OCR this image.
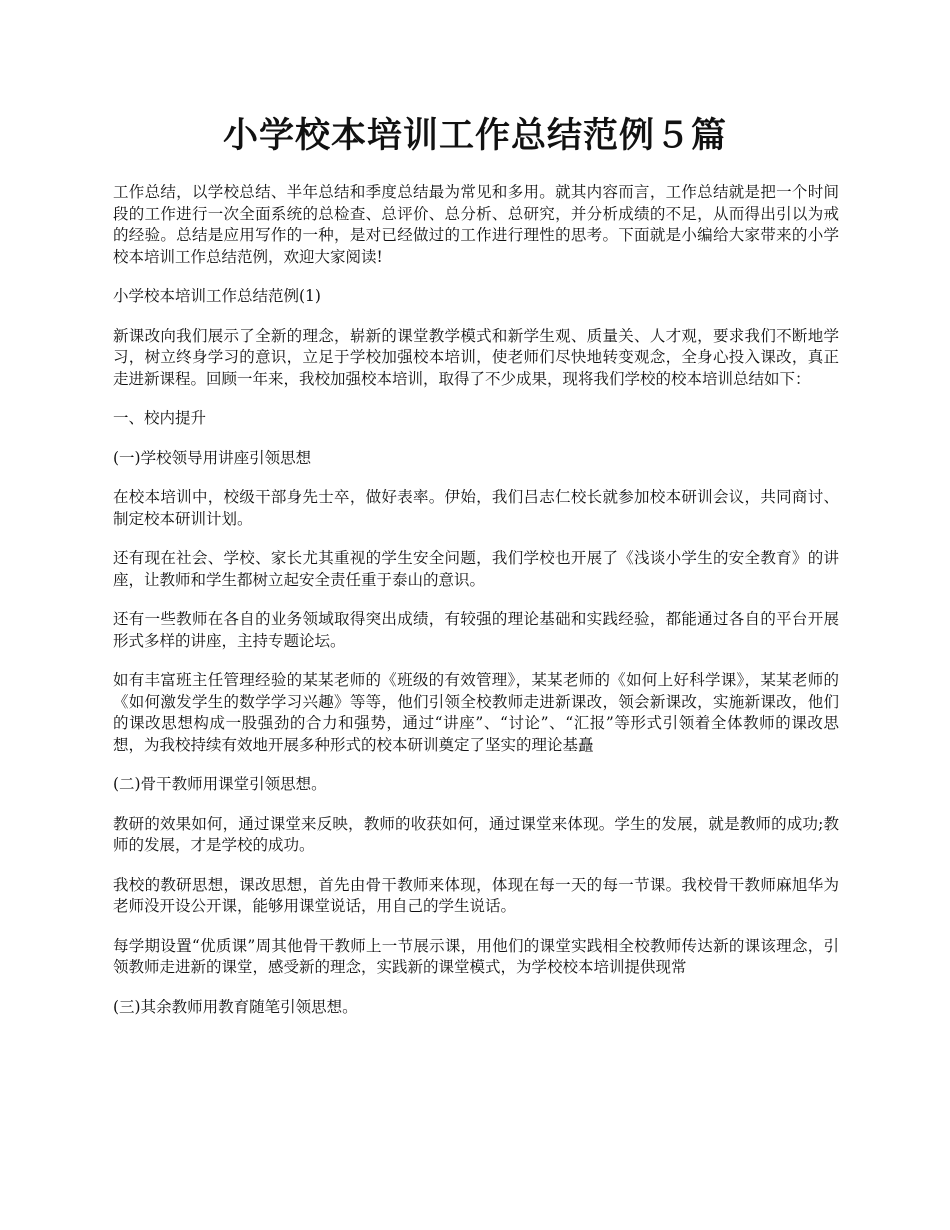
小学校本培训工作总结范例５篇

工作总结，以学校总结、半年总结和季度总结最为常见和多用。就其内容而言，工作总结就是把一个时间段的工作进行一次全面系统的总检查、总评价、总分析、总研究，并分析成绩的不足，从而得出引以为戒的经验。总结是应用写作的一种，是对已经做过的工作进行理性的思考。下面就是小编给大家带来的小学校本培训工作总结范例，欢迎大家阅读!

小学校本培训工作总结范例(1)

新课改向我们展示了全新的理念，崭新的课堂教学模式和新学生观、质量关、人才观，要求我们不断地学习，树立终身学习的意识，立足于学校加强校本培训，使老师们尽快地转变观念，全身心投入课改，真正走进新课程。回顾一年来，我校加强校本培训，取得了不少成果，现将我们学校的校本培训总结如下：

一、校内提升

(一)学校领导用讲座引领思想

在校本培训中，校级干部身先士卒，做好表率。伊始，我们吕志仁校长就参加校本研训会议，共同商讨、制定校本研训计划。

还有现在社会、学校、家长尤其重视的学生安全问题，我们学校也开展了《浅谈小学生的安全教育》的讲座，让教师和学生都树立起安全责任重于泰山的意识。

还有一些教师在各自的业务领域取得突出成绩，有较强的理论基础和实践经验，都能通过各自的平台开展形式多样的讲座，主持专题论坛。

如有丰富班主任管理经验的某某老师的《班级的有效管理》，某某老师的《如何上好科学课》，某某老师的《如何激发学生的数学学习兴趣》等等，他们引领全校教师走进新课改，领会新课改，实施新课改，他们的课改思想构成一股强劲的合力和强势，通过“讲座”、“讨论”、“汇报”等形式引领着全体教师的课改思想，为我校持续有效地开展多种形式的校本研训奠定了坚实的理论基矗

(二)骨干教师用课堂引领思想。

教研的效果如何，通过课堂来反映，教师的收获如何，通过课堂来体现。学生的发展，就是教师的成功;教师的发展，才是学校的成功。

我校的教研思想，课改思想，首先由骨干教师来体现，体现在每一天的每一节课。我校骨干教师麻旭华为老师没开设公开课，能够用课堂说话，用自己的学生说话。

每学期设置“优质课”周其他骨干教师上一节展示课，用他们的课堂实践相全校教师传达新的课该理念，引领教师走进新的课堂，感受新的理念，实践新的课堂模式，为学校校本培训提供现常

(三)其余教师用教育随笔引领思想。
